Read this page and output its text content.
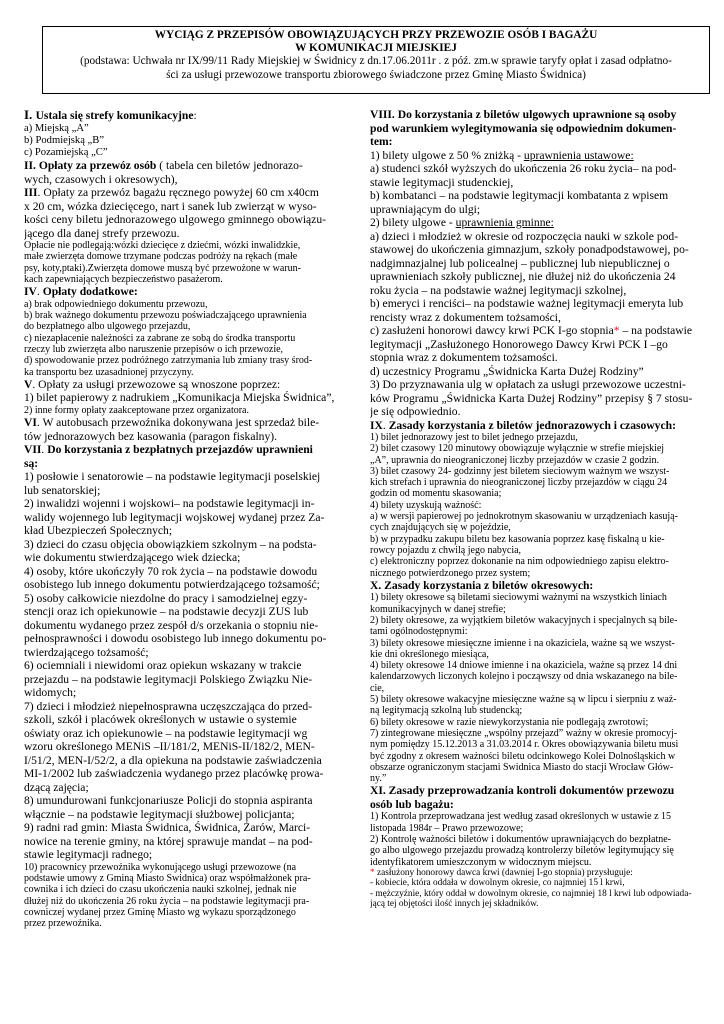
WYCIĄG Z PRZEPISÓW OBOWIĄZUJĄCYCH PRZY PRZEWOZIE OSÓB I BAGAŻU
W KOMUNIKACJI MIEJSKIEJ
(podstawa: Uchwała nr IX/99/11 Rady Miejskiej w Świdnicy z dn.17.06.2011r . z póź. zm.w sprawie taryfy opłat i zasad odpłatno-
ści za usługi przewozowe transportu zbiorowego świadczone przez Gminę Miasto Świdnica)
I. Ustala się strefy komunikacyjne:
a) Miejską „A”
b) Podmiejską „B”
c) Pozamiejską „C”
II. Opłaty za przewóz osób ( tabela cen biletów jednorazo-
wych, czasowych i okresowych),
III. Opłaty za przewóz bagażu ręcznego powyżej 60 cm x40cm
x 20 cm, wózka dziecięcego, nart i sanek lub zwierząt w wyso-
kości ceny biletu jednorazowego ulgowego gminnego obowiązu-
jącego dla danej strefy przewozu.
Opłacie nie podlegają:wózki dziecięce z dziećmi, wózki inwalidzkie,
małe zwierzęta domowe trzymane podczas podróży na rękach (małe
psy, koty,ptaki).Zwierzęta domowe muszą być przewożone w warun-
kach zapewniających bezpieczeństwo pasażerom.
IV. Opłaty dodatkowe:
a) brak odpowiedniego dokumentu przewozu,
b) brak ważnego dokumentu przewozu poświadczającego uprawnienia
do bezpłatnego albo ulgowego przejazdu,
c) niezapłacenie należności za zabrane ze sobą do środka transportu
rzeczy lub zwierzęta albo naruszenie przepisów o ich przewozie,
d) spowodowanie przez podróżnego zatrzymania lub zmiany trasy środ-
ka transportu bez uzasadnionej przyczyny.
V. Opłaty za usługi przewozowe są wnoszone poprzez:
1) bilet papierowy z nadrukiem „Komunikacja Miejska Świdnica”,
2) inne formy opłaty zaakceptowane przez organizatora.
VI. W autobusach przewoźnika dokonywana jest sprzedaż bile-
tów jednorazowych bez kasowania (paragon fiskalny).
VII. Do korzystania z bezpłatnych przejazdów uprawnieni
są:
1) posłowie i senatorowie – na podstawie legitymacji poselskiej
lub senatorskiej;
2) inwalidzi wojenni i wojskowi– na podstawie legitymacji in-
walidy wojennego lub legitymacji wojskowej wydanej przez Za-
kład Ubezpieczeń Społecznych;
3) dzieci do czasu objęcia obowiązkiem szkolnym – na podsta-
wie dokumentu stwierdzającego wiek dziecka;
4) osoby, które ukończyły 70 rok życia – na podstawie dowodu
osobistego lub innego dokumentu potwierdzającego tożsamość;
5) osoby całkowicie niezdolne do pracy i samodzielnej egzy-
stencji oraz ich opiekunowie – na podstawie decyzji ZUS lub
dokumentu wydanego przez zespół d/s orzekania o stopniu nie-
pełnosprawności i dowodu osobistego lub innego dokumentu po-
twierdzającego tożsamość;
6) ociemniali i niewidomi oraz opiekun wskazany w trakcie
przejazdu – na podstawie legitymacji Polskiego Związku Nie-
widomych;
7) dzieci i młodzież niepełnosprawna uczęszczająca do przed-
szkoli, szkół i placówek określonych w ustawie o systemie
oświaty oraz ich opiekunowie – na podstawie legitymacji wg
wzoru określonego MENiS –II/181/2, MENiS-II/182/2, MEN-
I/51/2, MEN-I/52/2, a dla opiekuna na podstawie zaświadczenia
MI-1/2002 lub zaświadczenia wydanego przez placówkę prowa-
dzącą zajęcia;
8) umundurowani funkcjonariusze Policji do stopnia aspiranta
włącznie – na podstawie legitymacji służbowej policjanta;
9) radni rad gmin: Miasta Świdnica, Świdnica, Żarów, Marci-
nowice na terenie gminy, na której sprawuje mandat – na pod-
stawie legitymacji radnego;
10) pracownicy przewoźnika wykonującego usługi przewozowe (na
podstawie umowy z Gminą Miasto Świdnica) oraz współmałżonek pra-
cownika i ich dzieci do czasu ukończenia nauki szkolnej, jednak nie
dłużej niż do ukończenia 26 roku życia – na podstawie legitymacji pra-
cowniczej wydanej przez Gminę Miasto wg wykazu sporządzonego
przez przewoźnika.
VIII. Do korzystania z biletów ulgowych uprawnione są osoby
pod warunkiem wylegitymowania się odpowiednim dokumen-
tem:
1) bilety ulgowe z 50 % zniżką - uprawnienia ustawowe:
a) studenci szkół wyższych do ukończenia 26 roku życia– na pod-
stawie legitymacji studenckiej,
b) kombatanci – na podstawie legitymacji kombatanta z wpisem
uprawniającym do ulgi;
2) bilety ulgowe - uprawnienia gminne:
a) dzieci i młodzież w okresie od rozpoczęcia nauki w szkole pod-
stawowej do ukończenia gimnazjum, szkoły ponadpodstawowej, po-
nadgimnazjalnej lub policealnej – publicznej lub niepublicznej o
uprawnieniach szkoły publicznej, nie dłużej niż do ukończenia 24
roku życia – na podstawie ważnej legitymacji szkolnej,
b) emeryci i renciści– na podstawie ważnej legitymacji emeryta lub
rencisty wraz z dokumentem tożsamości,
c) zasłużeni honorowi dawcy krwi PCK I-go stopnia* – na podstawie
legitymacji „Zasłużonego Honorowego Dawcy Krwi PCK I –go
stopnia wraz z dokumentem tożsamości.
d) uczestnicy Programu „Świdnicka Karta Dużej Rodziny”
3) Do przyznawania ulg w opłatach za usługi przewozowe uczestni-
ków Programu „Świdnicka Karta Dużej Rodziny” przepisy § 7 stosu-
je się odpowiednio.
IX. Zasady korzystania z biletów jednorazowych i czasowych:
1) bilet jednorazowy jest to bilet jednego przejazdu,
2) bilet czasowy 120 minutowy obowiązuje wyłącznie w strefie miejskiej
„A”, uprawnia do nieograniczonej liczby przejazdów w czasie 2 godzin.
3) bilet czasowy 24- godzinny jest biletem sieciowym ważnym we wszyst-
kich strefach i uprawnia do nieograniczonej liczby przejazdów w ciągu 24
godzin od momentu skasowania;
4) bilety uzyskują ważność:
a) w wersji papierowej po jednokrotnym skasowaniu w urządzeniach kasują-
cych znajdujących się w pojeździe,
b) w przypadku zakupu biletu bez kasowania poprzez kasę fiskalną u kie-
rowcy pojazdu z chwilą jego nabycia,
c) elektroniczny poprzez dokonanie na nim odpowiedniego zapisu elektro-
nicznego potwierdzonego przez system;
X. Zasady korzystania z biletów okresowych:
1) bilety okresowe są biletami sieciowymi ważnymi na wszystkich liniach
komunikacyjnych w danej strefie;
2) bilety okresowe, za wyjątkiem biletów wakacyjnych i specjalnych są bile-
tami ogólnodostępnymi:
3) bilety okresowe miesięczne imienne i na okaziciela, ważne są we wszyst-
kie dni określonego miesiąca,
4) bilety okresowe 14 dniowe imienne i na okaziciela, ważne są przez 14 dni
kalendarzowych liczonych kolejno i począwszy od dnia wskazanego na bile-
cie,
5) bilety okresowe wakacyjne miesięczne ważne są w lipcu i sierpniu z waż-
ną legitymacją szkolną lub studencką;
6) bilety okresowe w razie niewykorzystania nie podlegają zwrotowi;
7) zintegrowane miesięczne „wspólny przejazd” ważny w okresie promocyj-
nym pomiędzy 15.12.2013 a 31.03.2014 r. Okres obowiązywania biletu musi
być zgodny z okresem ważności biletu odcinkowego Kolei Dolnośląskich w
obszarze ograniczonym stacjami Świdnica Miasto do stacji Wrocław Głów-
ny.”
XI. Zasady przeprowadzania kontroli dokumentów przewozu
osób lub bagażu:
1) Kontrola przeprowadzana jest według zasad określonych w ustawie z 15
listopada 1984r – Prawo przewozowe;
2) Kontrolę ważności biletów i dokumentów uprawniających do bezpłatne-
go albo ulgowego przejazdu prowadzą kontrolerzy biletów legitymujący się
identyfikatorem umieszczonym w widocznym miejscu.
* zasłużony honorowy dawca krwi (dawniej I-go stopnia) przysługuje:
- kobiecie, która oddała w dowolnym okresie, co najmniej 15 l krwi,
- mężczyźnie, który oddał w dowolnym okresie, co najmniej 18 l krwi lub odpowiada-
jącą tej objętości ilość innych jej składników.
